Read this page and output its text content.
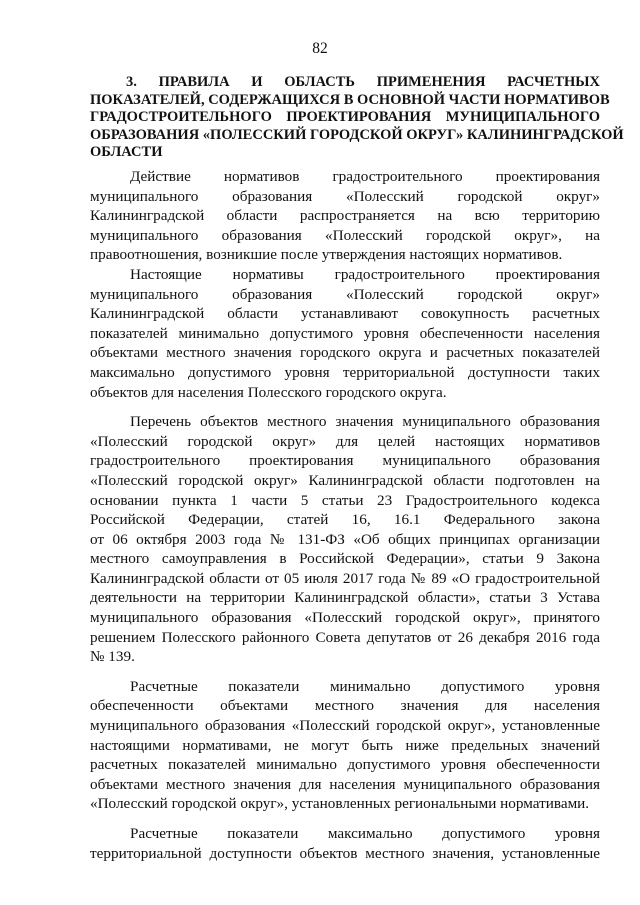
82
3. ПРАВИЛА И ОБЛАСТЬ ПРИМЕНЕНИЯ РАСЧЕТНЫХ
ПОКАЗАТЕЛЕЙ, СОДЕРЖАЩИХСЯ В ОСНОВНОЙ ЧАСТИ НОРМАТИВОВ
ГРАДОСТРОИТЕЛЬНОГО ПРОЕКТИРОВАНИЯ МУНИЦИПАЛЬНОГО
ОБРАЗОВАНИЯ «ПОЛЕССКИЙ ГОРОДСКОЙ ОКРУГ» КАЛИНИНГРАДСКОЙ
ОБЛАСТИ
Действие нормативов градостроительного проектирования
муниципального образования «Полесский городской округ»
Калининградской области распространяется на всю территорию
муниципального образования «Полесский городской округ», на
правоотношения, возникшие после утверждения настоящих нормативов.
Настоящие нормативы градостроительного проектирования
муниципального образования «Полесский городской округ»
Калининградской области устанавливают совокупность расчетных
показателей минимально допустимого уровня обеспеченности населения
объектами местного значения городского округа и расчетных показателей
максимально допустимого уровня территориальной доступности таких
объектов для населения Полесского городского округа.
Перечень объектов местного значения муниципального образования
«Полесский городской округ» для целей настоящих нормативов
градостроительного проектирования муниципального образования
«Полесский городской округ» Калининградской области подготовлен на
основании пункта 1 части 5 статьи 23 Градостроительного кодекса
Российской Федерации, статей 16, 16.1 Федерального закона
от 06 октября 2003 года № 131-ФЗ «Об общих принципах организации
местного самоуправления в Российской Федерации», статьи 9 Закона
Калининградской области от 05 июля 2017 года № 89 «О градостроительной
деятельности на территории Калининградской области», статьи 3 Устава
муниципального образования «Полесский городской округ», принятого
решением Полесского районного Совета депутатов от 26 декабря 2016 года
№ 139.
Расчетные показатели минимально допустимого уровня
обеспеченности объектами местного значения для населения
муниципального образования «Полесский городской округ», установленные
настоящими нормативами, не могут быть ниже предельных значений
расчетных показателей минимально допустимого уровня обеспеченности
объектами местного значения для населения муниципального образования
«Полесский городской округ», установленных региональными нормативами.
Расчетные показатели максимально допустимого уровня
территориальной доступности объектов местного значения, установленные
